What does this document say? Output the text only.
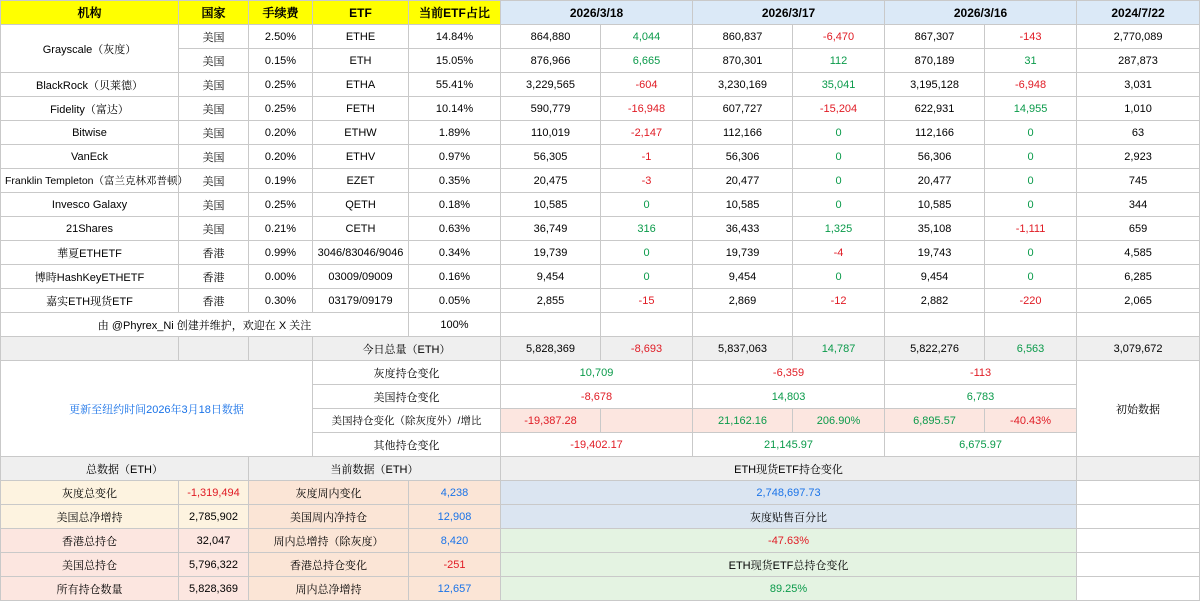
机构	国家	手续费	ETF	当前ETF占比	2026/3/18		2026/3/17		2026/3/16		2024/7/22
Grayscale（灰度）	美国	2.50%	ETHE	14.84%	864,880	4,044	860,837	-6,470	867,307	-143	2,770,089
	美国	0.15%	ETH	15.05%	876,966	6,665	870,301	112	870,189	31	287,873
BlackRock（贝莱德）	美国	0.25%	ETHA	55.41%	3,229,565	-604	3,230,169	35,041	3,195,128	-6,948	3,031
Fidelity（富达）	美国	0.25%	FETH	10.14%	590,779	-16,948	607,727	-15,204	622,931	14,955	1,010
Bitwise	美国	0.20%	ETHW	1.89%	110,019	-2,147	112,166	0	112,166	0	63
VanEck	美国	0.20%	ETHV	0.97%	56,305	-1	56,306	0	56,306	0	2,923
Franklin Templeton（富兰克林邓普顿）	美国	0.19%	EZET	0.35%	20,475	-3	20,477	0	20,477	0	745
Invesco Galaxy	美国	0.25%	QETH	0.18%	10,585	0	10,585	0	10,585	0	344
21Shares	美国	0.21%	CETH	0.63%	36,749	316	36,433	1,325	35,108	-1,111	659
華夏ETHETF	香港	0.99%	3046/83046/9046	0.34%	19,739	0	19,739	-4	19,743	0	4,585
博時HashKeyETHETF	香港	0.00%	03009/09009	0.16%	9,454	0	9,454	0	9,454	0	6,285
嘉实ETH现货ETF	香港	0.30%	03179/09179	0.05%	2,855	-15	2,869	-12	2,882	-220	2,065
由 @Phyrex_Ni 创建并维护，欢迎在 X 关注				100%							
			今日总量（ETH）		5,828,369	-8,693	5,837,063	14,787	5,822,276	6,563	3,079,672
更新至纽约时间2026年3月18日数据			灰度持仓变化		10,709		-6,359		-113		初始数据
			美国持仓变化		-8,678		14,803		6,783		
			美国持仓变化（除灰度外）/增比		-19,387.28		21,162.16	206.90%	6,895.57	-40.43%	
			其他持仓变化		-19,402.17		21,145.97		6,675.97		
总数据（ETH）		当前数据（ETH）			ETH现货ETF持仓变化						
灰度总变化	-1,319,494	灰度周内变化		4,238	2,748,697.73						
美国总净增持	2,785,902	美国周内净持仓		12,908	灰度贴售百分比						
香港总持仓	32,047	周内总增持（除灰度）		8,420	-47.63%						
美国总持仓	5,796,322	香港总持仓变化		-251	ETH现货ETF总持仓变化						
所有持仓数量	5,828,369	周内总净增持		12,657	89.25%						
